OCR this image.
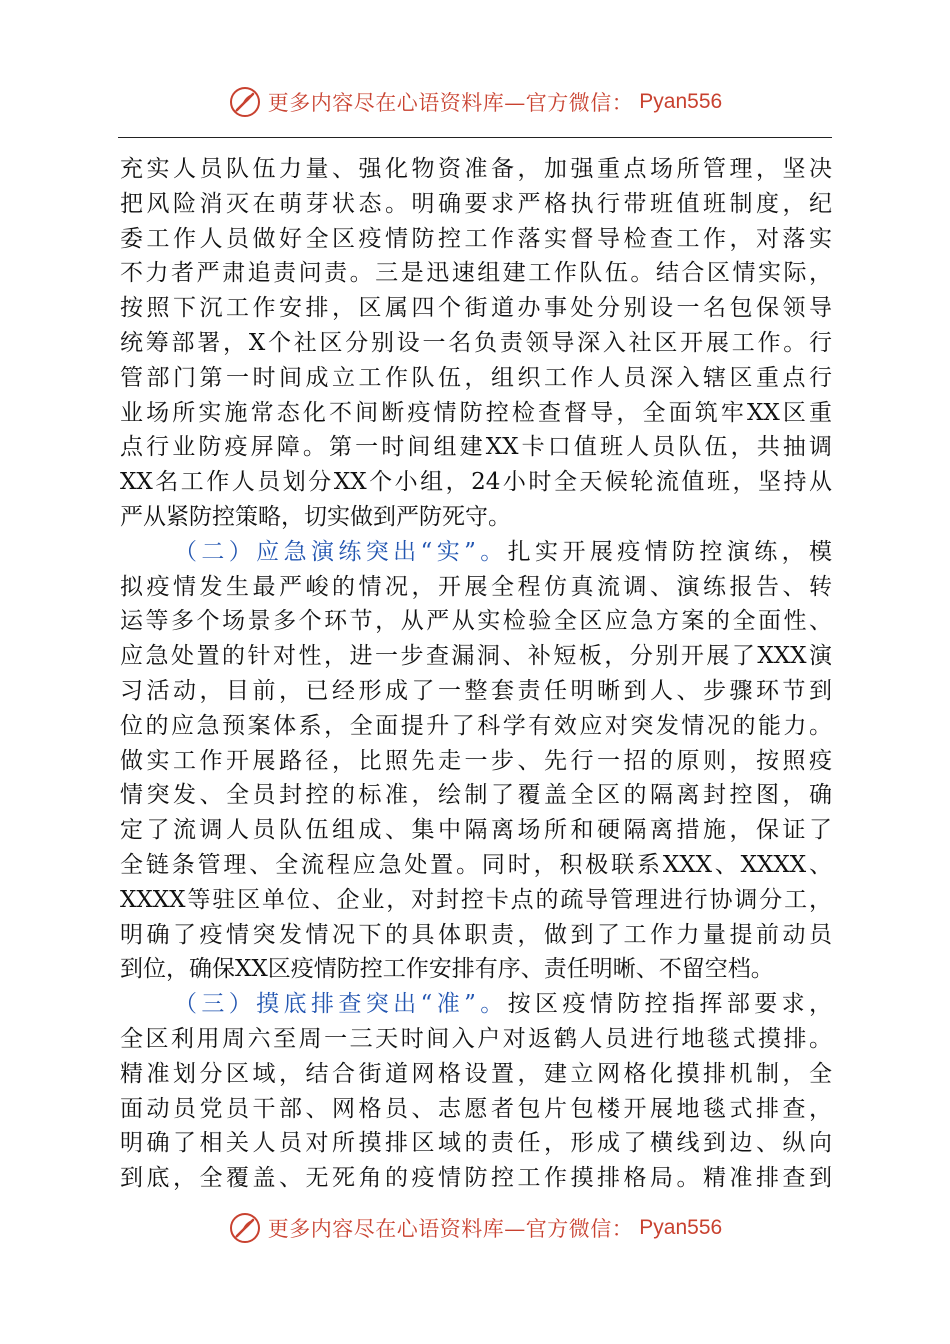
更多内容尽在心语资料库—官方微信： Pyan556
充实人员队伍力量、强化物资准备，加强重点场所管理，坚决
把风险消灭在萌芽状态。明确要求严格执行带班值班制度，纪
委工作人员做好全区疫情防控工作落实督导检查工作，对落实
不力者严肃追责问责。三是迅速组建工作队伍。结合区情实际，
按照下沉工作安排，区属四个街道办事处分别设一名包保领导
统筹部署，X个社区分别设一名负责领导深入社区开展工作。行
管部门第一时间成立工作队伍，组织工作人员深入辖区重点行
业场所实施常态化不间断疫情防控检查督导，全面筑牢XX区重
点行业防疫屏障。第一时间组建XX卡口值班人员队伍，共抽调
XX名工作人员划分XX个小组，24小时全天候轮流值班，坚持从
严从紧防控策略，切实做到严防死守。
（二）应急演练突出“实”。扎实开展疫情防控演练，模
拟疫情发生最严峻的情况，开展全程仿真流调、演练报告、转
运等多个场景多个环节，从严从实检验全区应急方案的全面性、
应急处置的针对性，进一步查漏洞、补短板，分别开展了XXX演
习活动，目前，已经形成了一整套责任明晰到人、步骤环节到
位的应急预案体系，全面提升了科学有效应对突发情况的能力。
做实工作开展路径，比照先走一步、先行一招的原则，按照疫
情突发、全员封控的标准，绘制了覆盖全区的隔离封控图，确
定了流调人员队伍组成、集中隔离场所和硬隔离措施，保证了
全链条管理、全流程应急处置。同时，积极联系XXX、XXXX、
XXXX等驻区单位、企业，对封控卡点的疏导管理进行协调分工，
明确了疫情突发情况下的具体职责，做到了工作力量提前动员
到位，确保XX区疫情防控工作安排有序、责任明晰、不留空档。
（三）摸底排查突出“准”。按区疫情防控指挥部要求，
全区利用周六至周一三天时间入户对返鹤人员进行地毯式摸排。
精准划分区域，结合街道网格设置，建立网格化摸排机制，全
面动员党员干部、网格员、志愿者包片包楼开展地毯式排查，
明确了相关人员对所摸排区域的责任，形成了横线到边、纵向
到底，全覆盖、无死角的疫情防控工作摸排格局。精准排查到
更多内容尽在心语资料库—官方微信： Pyan556
